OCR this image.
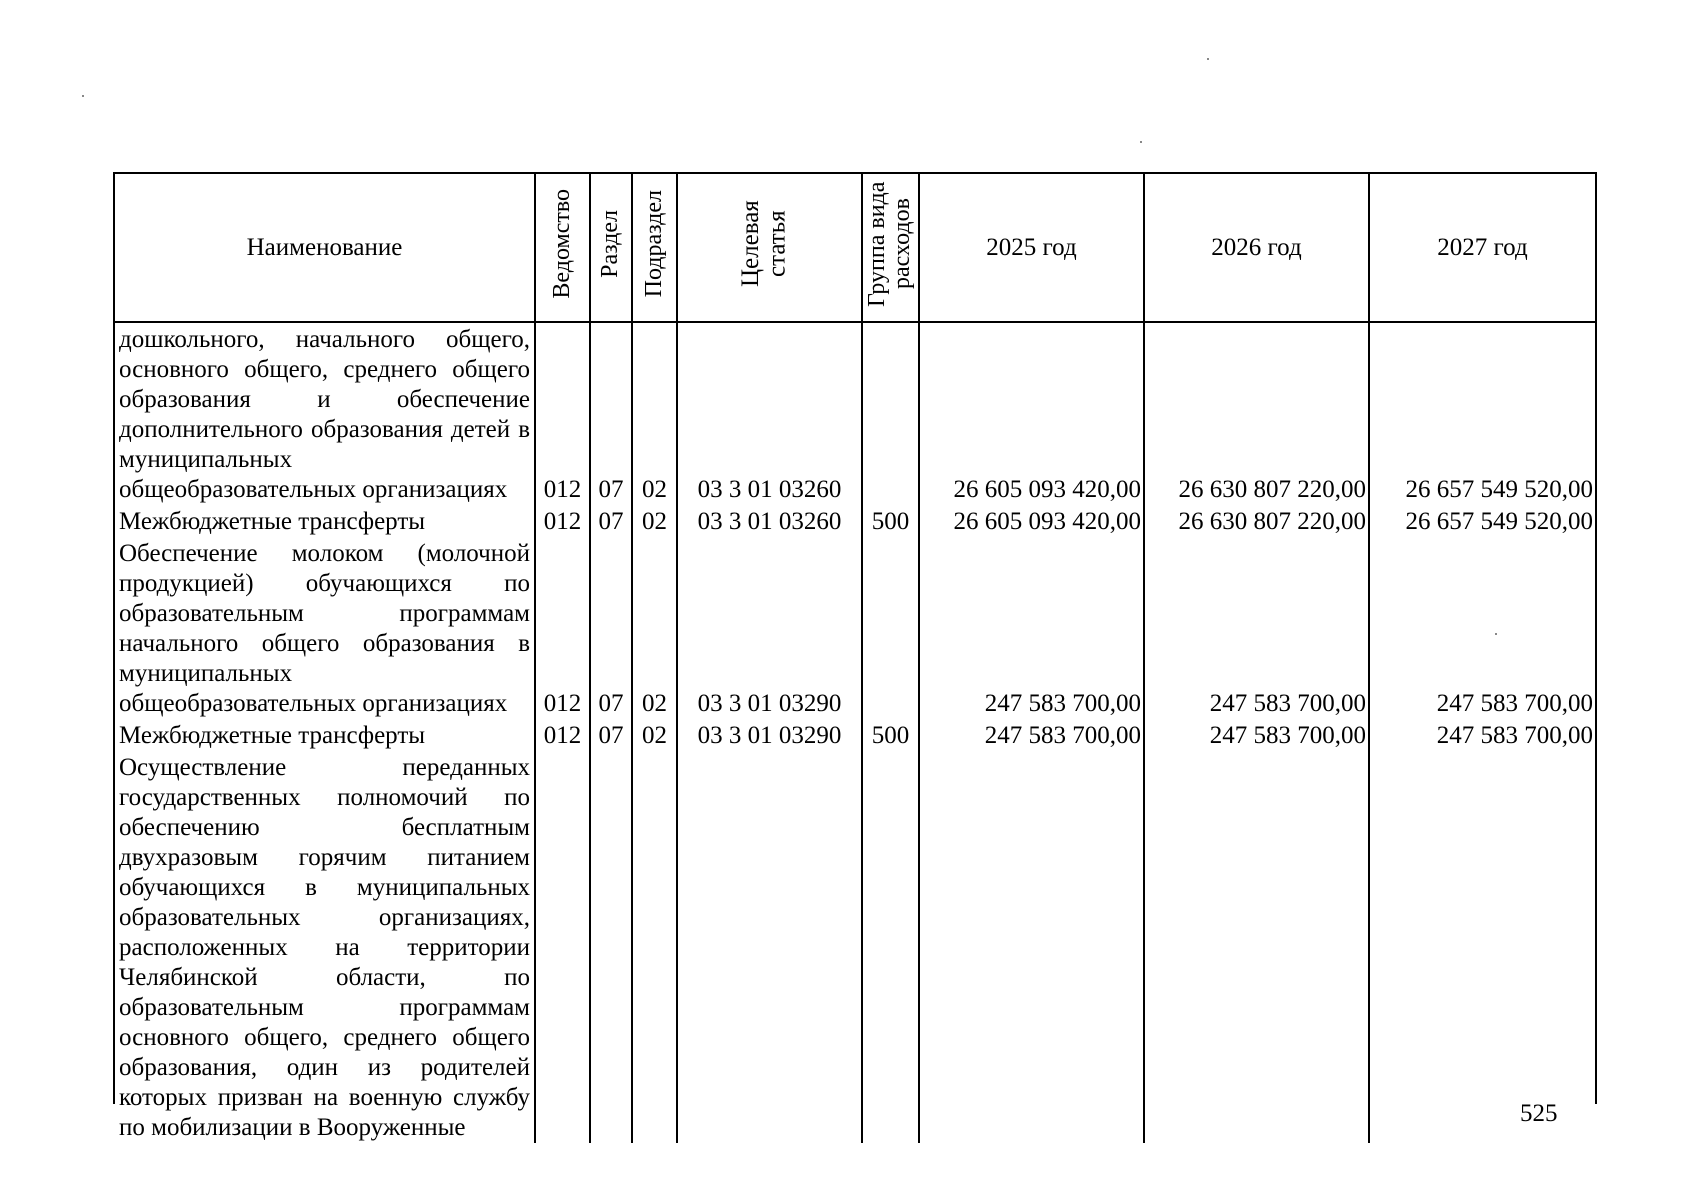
Наименование	Ведомство	Раздел	Подраздел	Целевая статья	Группа вида расходов	2025 год	2026 год	2027 год
дошкольного, начального общего, основного общего, среднего общего образования и обеспечение дополнительного образования детей в муниципальных общеобразовательных организациях	012	07	02	03 3 01 03260		26 605 093 420,00	26 630 807 220,00	26 657 549 520,00
Межбюджетные трансферты	012	07	02	03 3 01 03260	500	26 605 093 420,00	26 630 807 220,00	26 657 549 520,00
Обеспечение молоком (молочной продукцией) обучающихся по образовательным программам начального общего образования в муниципальных общеобразовательных организациях	012	07	02	03 3 01 03290		247 583 700,00	247 583 700,00	247 583 700,00
Межбюджетные трансферты	012	07	02	03 3 01 03290	500	247 583 700,00	247 583 700,00	247 583 700,00
Осуществление переданных государственных полномочий по обеспечению бесплатным двухразовым горячим питанием обучающихся в муниципальных образовательных организациях, расположенных на территории Челябинской области, по образовательным программам основного общего, среднего общего образования, один из родителей которых призван на военную службу по мобилизации в Вооруженные								
525
